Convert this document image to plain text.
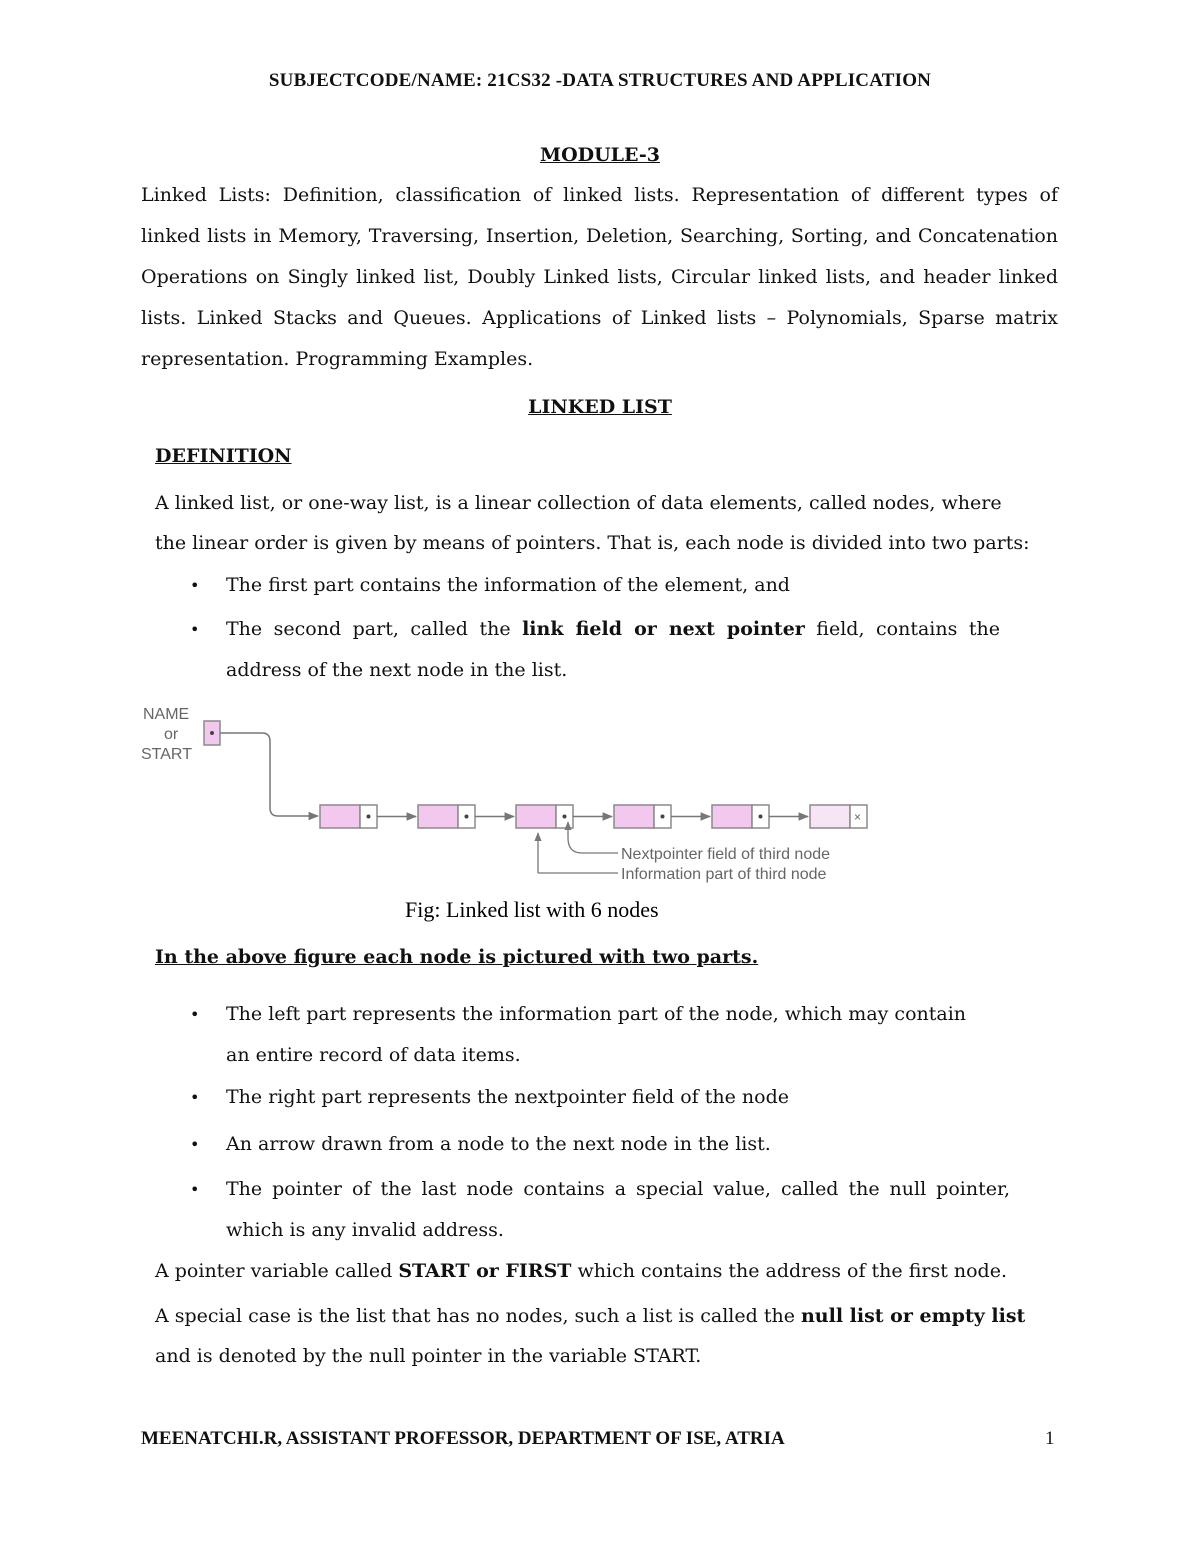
SUBJECTCODE/NAME: 21CS32 -DATA STRUCTURES AND APPLICATION
MODULE-3
Linked Lists: Definition, classification of linked lists. Representation of different types of linked lists in Memory, Traversing, Insertion, Deletion, Searching, Sorting, and Concatenation Operations on Singly linked list, Doubly Linked lists, Circular linked lists, and header linked lists. Linked Stacks and Queues. Applications of Linked lists – Polynomials, Sparse matrix representation. Programming Examples.
LINKED LIST
DEFINITION
A linked list, or one-way list, is a linear collection of data elements, called nodes, where
the linear order is given by means of pointers. That is, each node is divided into two parts:
• The first part contains the information of the element, and
• The second part, called the link field or next pointer field, contains the address of the next node in the list.
NAME
or
START
×
Nextpointer field of third node
Information part of third node
Fig: Linked list with 6 nodes
In the above figure each node is pictured with two parts.
• The left part represents the information part of the node, which may contain an entire record of data items.
• The right part represents the nextpointer field of the node
• An arrow drawn from a node to the next node in the list.
• The pointer of the last node contains a special value, called the null pointer, which is any invalid address.
A pointer variable called START or FIRST which contains the address of the first node.
A special case is the list that has no nodes, such a list is called the null list or empty list
and is denoted by the null pointer in the variable START.
MEENATCHI.R, ASSISTANT PROFESSOR, DEPARTMENT OF ISE, ATRIA	1
